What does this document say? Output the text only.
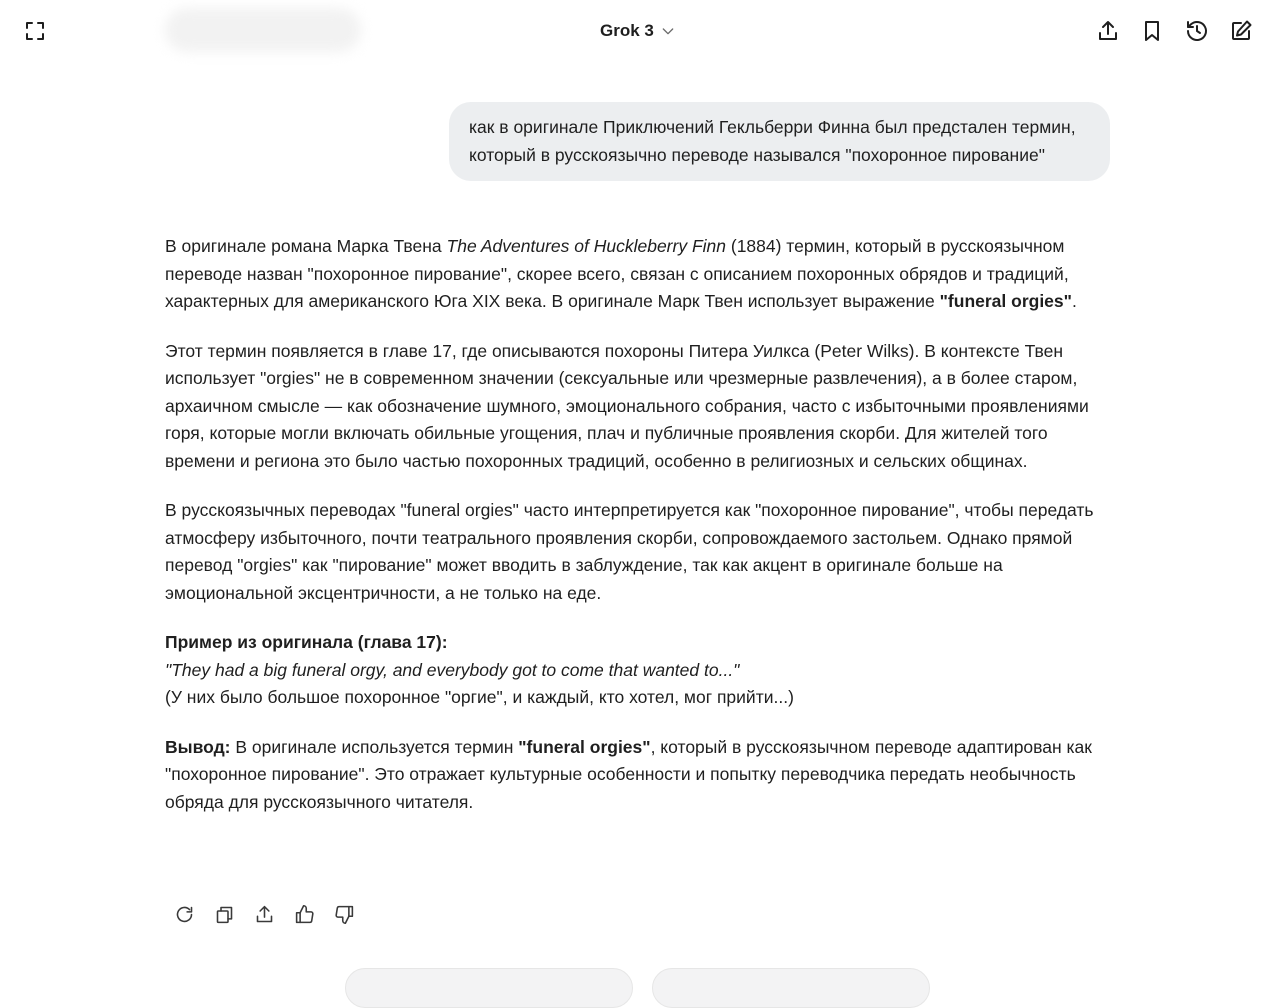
Grok 3
как в оригинале Приключений Гекльберри Финна был предстален термин, который в русскоязычно переводе назывался "похоронное пирование"

В оригинале романа Марка Твена The Adventures of Huckleberry Finn (1884) термин, который в русскоязычном переводе назван "похоронное пирование", скорее всего, связан с описанием похоронных обрядов и традиций, характерных для американского Юга XIX века. В оригинале Марк Твен использует выражение "funeral orgies".

Этот термин появляется в главе 17, где описываются похороны Питера Уилкса (Peter Wilks). В контексте Твен использует "orgies" не в современном значении (сексуальные или чрезмерные развлечения), а в более старом, архаичном смысле — как обозначение шумного, эмоционального собрания, часто с избыточными проявлениями горя, которые могли включать обильные угощения, плач и публичные проявления скорби. Для жителей того времени и региона это было частью похоронных традиций, особенно в религиозных и сельских общинах.

В русскоязычных переводах "funeral orgies" часто интерпретируется как "похоронное пирование", чтобы передать атмосферу избыточного, почти театрального проявления скорби, сопровождаемого застольем. Однако прямой перевод "orgies" как "пирование" может вводить в заблуждение, так как акцент в оригинале больше на эмоциональной эксцентричности, а не только на еде.

Пример из оригинала (глава 17):
"They had a big funeral orgy, and everybody got to come that wanted to..."
(У них было большое похоронное "оргие", и каждый, кто хотел, мог прийти...)

Вывод: В оригинале используется термин "funeral orgies", который в русскоязычном переводе адаптирован как "похоронное пирование". Это отражает культурные особенности и попытку переводчика передать необычность обряда для русскоязычного читателя.
